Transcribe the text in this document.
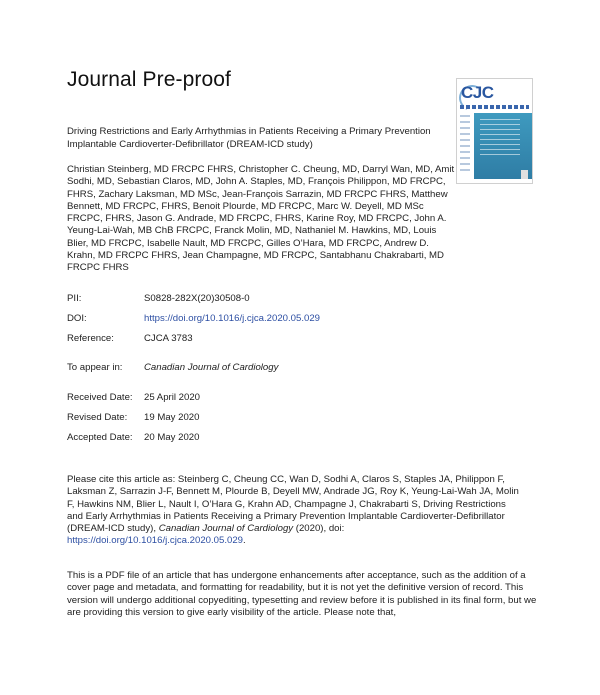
Journal Pre-proof
CJC
Driving Restrictions and Early Arrhythmias in Patients Receiving a Primary Prevention Implantable Cardioverter-Defibrillator (DREAM-ICD study)
Christian Steinberg, MD FRCPC FHRS, Christopher C. Cheung, MD, Darryl Wan, MD, Amit Sodhi, MD, Sebastian Claros, MD, John A. Staples, MD, François Philippon, MD FRCPC, FHRS, Zachary Laksman, MD MSc, Jean-François Sarrazin, MD FRCPC FHRS, Matthew Bennett, MD FRCPC, FHRS, Benoit Plourde, MD FRCPC, Marc W. Deyell, MD MSc FRCPC, FHRS, Jason G. Andrade, MD FRCPC, FHRS, Karine Roy, MD FRCPC, John A. Yeung-Lai-Wah, MB ChB FRCPC, Franck Molin, MD, Nathaniel M. Hawkins, MD, Louis Blier, MD FRCPC, Isabelle Nault, MD FRCPC, Gilles O’Hara, MD FRCPC, Andrew D. Krahn, MD FRCPC FHRS, Jean Champagne, MD FRCPC, Santabhanu Chakrabarti, MD FRCPC FHRS
PII:	S0828-282X(20)30508-0
DOI:	https://doi.org/10.1016/j.cjca.2020.05.029
Reference:	CJCA 3783
To appear in: Canadian Journal of Cardiology
Received Date: 25 April 2020
Revised Date: 19 May 2020
Accepted Date: 20 May 2020
Please cite this article as: Steinberg C, Cheung CC, Wan D, Sodhi A, Claros S, Staples JA, Philippon F, Laksman Z, Sarrazin J-F, Bennett M, Plourde B, Deyell MW, Andrade JG, Roy K, Yeung-Lai-Wah JA, Molin F, Hawkins NM, Blier L, Nault I, O’Hara G, Krahn AD, Champagne J, Chakrabarti S, Driving Restrictions and Early Arrhythmias in Patients Receiving a Primary Prevention Implantable Cardioverter-Defibrillator (DREAM-ICD study), Canadian Journal of Cardiology (2020), doi: https://doi.org/10.1016/j.cjca.2020.05.029.
This is a PDF file of an article that has undergone enhancements after acceptance, such as the addition of a cover page and metadata, and formatting for readability, but it is not yet the definitive version of record. This version will undergo additional copyediting, typesetting and review before it is published in its final form, but we are providing this version to give early visibility of the article. Please note that,
